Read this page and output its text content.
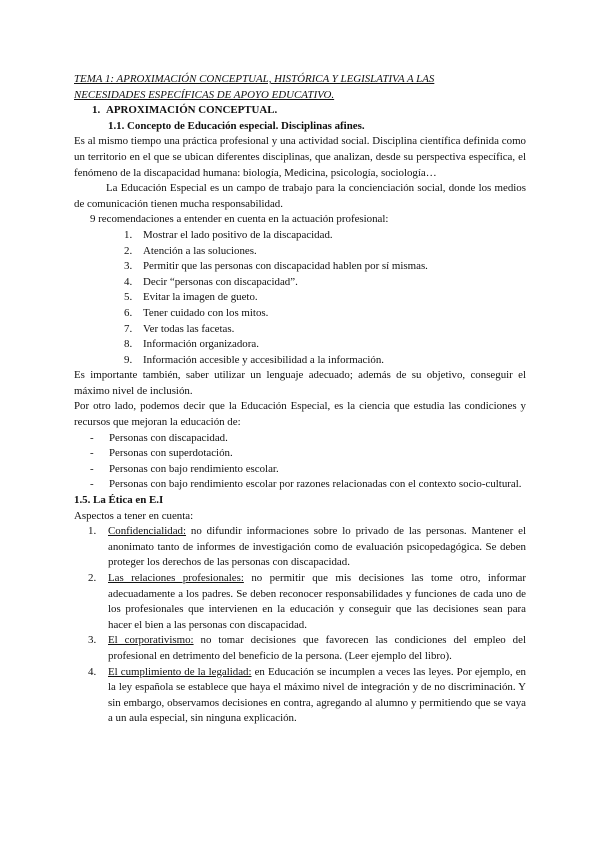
TEMA 1: APROXIMACIÓN CONCEPTUAL, HISTÓRICA Y LEGISLATIVA A LAS
NECESIDADES ESPECÍFICAS DE APOYO EDUCATIVO.

1. APROXIMACIÓN CONCEPTUAL.
1.1. Concepto de Educación especial. Disciplinas afines.

Es al mismo tiempo una práctica profesional y una actividad social. Disciplina científica definida como un territorio en el que se ubican diferentes disciplinas, que analizan, desde su perspectiva específica, el fenómeno de la discapacidad humana: biología, Medicina, psicología, sociología…

La Educación Especial es un campo de trabajo para la concienciación social, donde los medios de comunicación tienen mucha responsabilidad.

9 recomendaciones a entender en cuenta en la actuación profesional:

1. Mostrar el lado positivo de la discapacidad.
2. Atención a las soluciones.
3. Permitir que las personas con discapacidad hablen por sí mismas.
4. Decir “personas con discapacidad”.
5. Evitar la imagen de gueto.
6. Tener cuidado con los mitos.
7. Ver todas las facetas.
8. Información organizadora.
9. Información accesible y accesibilidad a la información.

Es importante también, saber utilizar un lenguaje adecuado; además de su objetivo, conseguir el máximo nivel de inclusión.

Por otro lado, podemos decir que la Educación Especial, es la ciencia que estudia las condiciones y recursos que mejoran la educación de:

-	Personas con discapacidad.
-	Personas con superdotación.
-	Personas con bajo rendimiento escolar.
-	Personas con bajo rendimiento escolar por razones relacionadas con el contexto socio-cultural.
1.5. La Ética en E.I

Aspectos a tener en cuenta:

1.	Confidencialidad: no difundir informaciones sobre lo privado de las personas. Mantener el anonimato tanto de informes de investigación como de evaluación psicopedagógica. Se deben proteger los derechos de las personas con discapacidad.
2.	Las relaciones profesionales: no permitir que mis decisiones las tome otro, informar adecuadamente a los padres. Se deben reconocer responsabilidades y funciones de cada uno de los profesionales que intervienen en la educación y conseguir que las decisiones sean para hacer el bien a las personas con discapacidad.
3.	El corporativismo: no tomar decisiones que favorecen las condiciones del empleo del profesional en detrimento del beneficio de la persona. (Leer ejemplo del libro).
4.	El cumplimiento de la legalidad: en Educación se incumplen a veces las leyes. Por ejemplo, en la ley española se establece que haya el máximo nivel de integración y de no discriminación. Y sin embargo, observamos decisiones en contra, agregando al alumno y permitiendo que se vaya a un aula especial, sin ninguna explicación.
